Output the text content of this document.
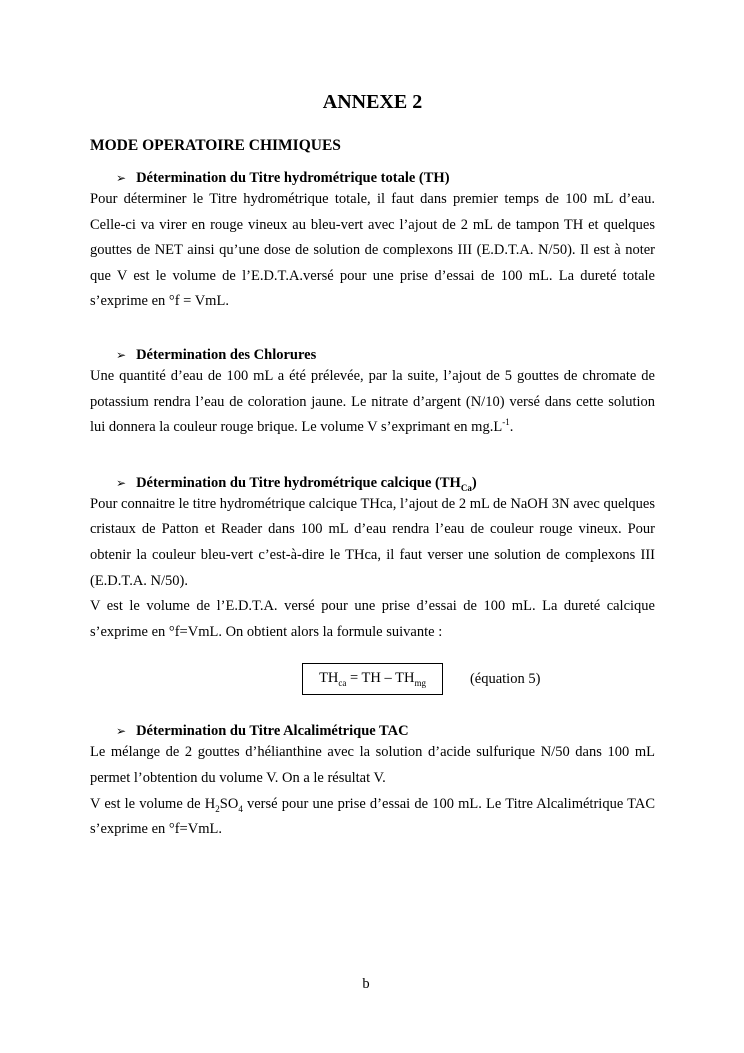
ANNEXE 2
MODE OPERATOIRE CHIMIQUES
➢ Détermination du Titre hydrométrique totale (TH)

Pour déterminer le Titre hydrométrique totale, il faut dans premier temps de 100 mL d’eau. Celle-ci va virer en rouge vineux au bleu-vert avec l’ajout de 2 mL de tampon TH et quelques gouttes de NET ainsi qu’une dose de solution de complexons III (E.D.T.A. N/50). Il est à noter que V est le volume de l’E.D.T.A.versé pour une prise d’essai de 100 mL. La dureté totale s’exprime en °f = VmL.

➢ Détermination des Chlorures

Une quantité d’eau de 100 mL a été prélevée, par la suite, l’ajout de 5 gouttes de chromate de potassium rendra l’eau de coloration jaune. Le nitrate d’argent (N/10) versé dans cette solution lui donnera la couleur rouge brique. Le volume V s’exprimant en $mg.L^{-1}$.

➢ Détermination du Titre hydrométrique calcique $(TH_{Ca})$

Pour connaitre le titre hydrométrique calcique THca, l’ajout de 2 mL de NaOH 3N avec quelques cristaux de Patton et Reader dans 100 mL d’eau rendra l’eau de couleur rouge vineux. Pour obtenir la couleur bleu-vert c’est-à-dire le THca, il faut verser une solution de complexons III (E.D.T.A. N/50).

V est le volume de l’E.D.T.A. versé pour une prise d’essai de 100 mL. La dureté calcique s’exprime en °f=VmL. On obtient alors la formule suivante :

$TH_{ca}$ = TH – $TH_{mg}$	(équation 5)
➢ Détermination du Titre Alcalimétrique TAC

Le mélange de 2 gouttes d’hélianthine avec la solution d’acide sulfurique N/50 dans 100 mL permet l’obtention du volume V. On a le résultat V.

V est le volume de $H_2SO_4$ versé pour une prise d’essai de 100 mL. Le Titre Alcalimétrique TAC s’exprime en °f=VmL.

b
